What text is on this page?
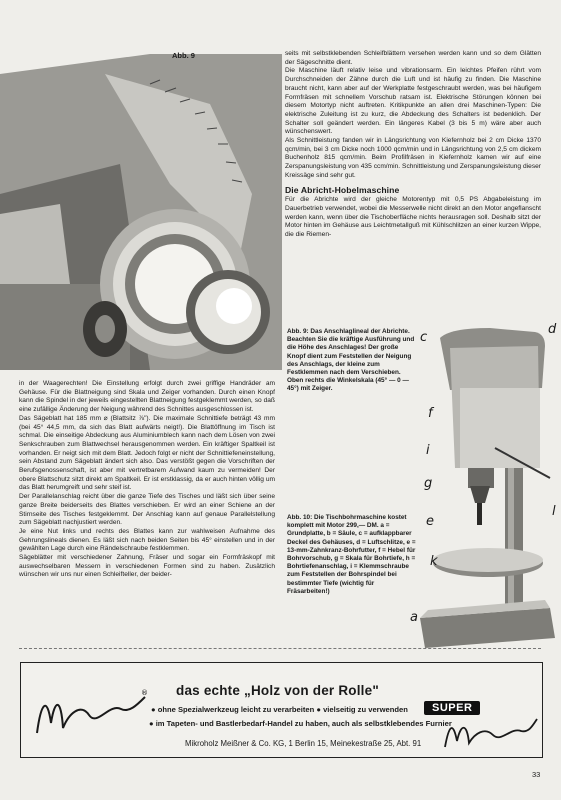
Abb. 9	seits mit selbstklebenden Schleifblättern versehen werden kann und so dem Glätten der Sägeschnitte dient.

Die Maschine läuft relativ leise und vibrationsarm. Ein leichtes Pfeifen rührt vom Durchschneiden der Zähne durch die Luft und ist häufig zu finden. Die Maschine braucht nicht, kann aber auf der Werkplatte festgeschraubt werden, was bei häufigem Formfräsen mit schnellem Vorschub ratsam ist. Elektrische Störungen können bei diesem Motortyp nicht auftreten. Kritikpunkte an allen drei Maschinen-Typen: Die elektrische Zuleitung ist zu kurz, die Abdeckung des Schalters ist bedenklich. Der Schalter soll geändert werden. Ein längeres Kabel (3 bis 5 m) wäre aber auch wünschenswert.

Als Schnittleistung fanden wir in Längsrichtung von Kiefernholz bei 2 cm Dicke 1370 qcm/min, bei 3 cm Dicke noch 1000 qcm/min und in Längsrichtung von 2,5 cm dickem Buchenholz 815 qcm/min. Beim Profilfräsen in Kiefernholz kamen wir auf eine Zerspanungsleistung von 435 ccm/min. Schnittleistung und Zerspanungsleistung dieser Kreissäge sind sehr gut.

Die Abricht-Hobelmaschine

Für die Abrichte wird der gleiche Motorentyp mit 0,5 PS Abgabeleistung im Dauerbetrieb verwendet, wobei die Messerwelle nicht direkt an den Motor angeflanscht werden kann, wenn über die Tischoberfläche nichts herausragen soll. Deshalb sitzt der Motor hinten im Gehäuse aus Leichtmetallguß mit Kühlschlitzen an einer kurzen Wippe, die die Riemen-

Abb. 9: Das Anschlaglineal der Abrichte. Beachten Sie die kräftige Ausführung und die Höhe des Anschlages! Der große Knopf dient zum Feststellen der Neigung des Anschlags, der kleine zum Festklemmen nach dem Verschieben. Oben rechts die Winkelskala (45° — 0 — 45°) mit Zeiger.
Abb. 10: Die Tischbohrmaschine kostet komplett mit Motor 299,— DM. a = Grundplatte, b = Säule, c = aufklappbarer Deckel des Gehäuses, d = Luftschlitze, e = 13-mm-Zahnkranz-Bohrfutter, f = Hebel für Bohrvorschub, g = Skala für Bohrtiefe, h = Bohrtiefenanschlag, i = Klemmschraube zum Feststellen der Bohrspindel bei bestimmter Tiefe (wichtig für Fräsarbeiten!)
c
d
f
i
g
e
l
k
a

in der Waagerechten! Die Einstellung erfolgt durch zwei griffige Handräder am Gehäuse. Für die Blattneigung sind Skala und Zeiger vorhanden. Durch einen Knopf kann die Spindel in der jeweils eingestellten Blattneigung festgeklemmt werden, so daß eine zufällige Änderung der Neigung während des Schnittes ausgeschlossen ist.

Das Sägeblatt hat 185 mm ⌀ (Blattsitz ⅞"). Die maximale Schnittiefe beträgt 43 mm (bei 45° 44,5 mm, da sich das Blatt aufwärts neigt!). Die Blattöffnung im Tisch ist schmal. Die einseitige Abdeckung aus Aluminiumblech kann nach dem Lösen von zwei Senkschrauben zum Blattwechsel herausgenommen werden. Ein kräftiger Spaltkeil ist vorhanden. Er neigt sich mit dem Blatt. Jedoch folgt er nicht der Schnittiefeneinstellung, sein Abstand zum Sägeblatt ändert sich also. Das verstößt gegen die Vorschriften der Berufsgenossenschaft, ist aber mit vertretbarem Aufwand kaum zu vermeiden! Der obere Blattschutz sitzt direkt am Spaltkeil. Er ist erstklassig, da er auch hinten völlig um das Blatt herumgreift und sehr steif ist.

Der Parallelanschlag reicht über die ganze Tiefe des Tisches und läßt sich über seine ganze Breite beiderseits des Blattes verschieben. Er wird an einer Schiene an der Stirnseite des Tisches festgeklemmt. Der Anschlag kann auf genaue Parallelstellung zum Sägeblatt nachjustiert werden.

Je eine Nut links und rechts des Blattes kann zur wahlweisen Aufnahme des Gehrungslineals dienen. Es läßt sich nach beiden Seiten bis 45° einstellen und in der gewählten Lage durch eine Rändelschraube festklemmen.

Sägeblätter mit verschiedener Zahnung, Fräser und sogar ein Formfräskopf mit auswechselbaren Messern in verschiedenen Formen sind zu haben. Zusätzlich wünschen wir uns nur einen Schleifteller, der beider-

® das echte „Holz von der Rolle"
● ohne Spezialwerkzeug leicht zu verarbeiten ● vielseitig zu verwenden
● im Tapeten- und Bastlerbedarf-Handel zu haben, auch als selbstklebendes Furnier
Mikroholz Meißner & Co. KG, 1 Berlin 15, Meinekestraße 25, Abt. 91
SUPER
33
